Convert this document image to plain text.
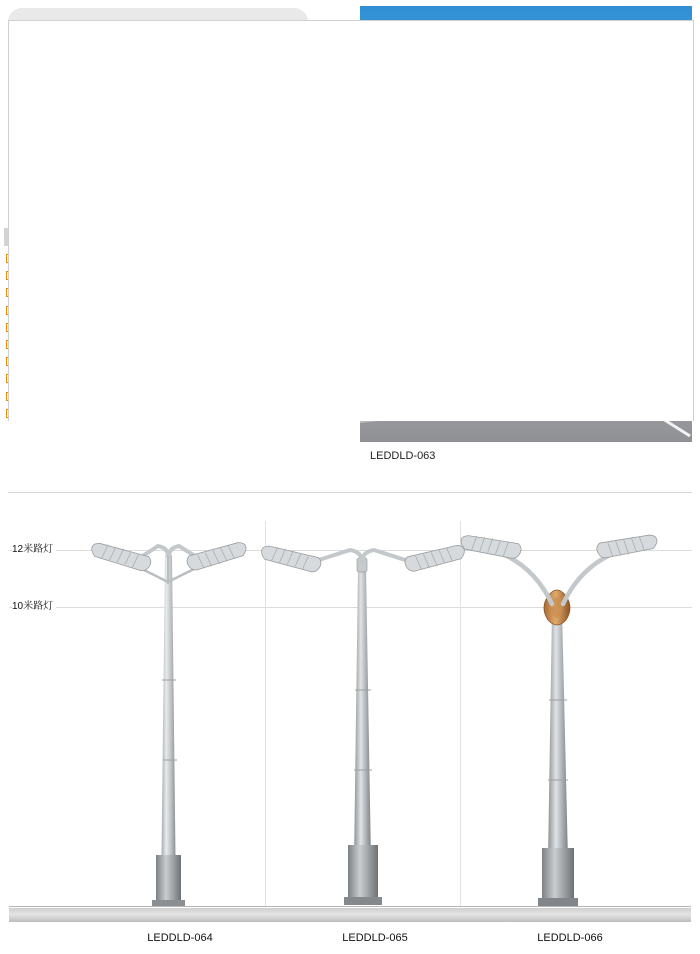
LEDDLD-063
12米路灯
10米路灯
LEDDLD-064	LEDDLD-065	LEDDLD-066
